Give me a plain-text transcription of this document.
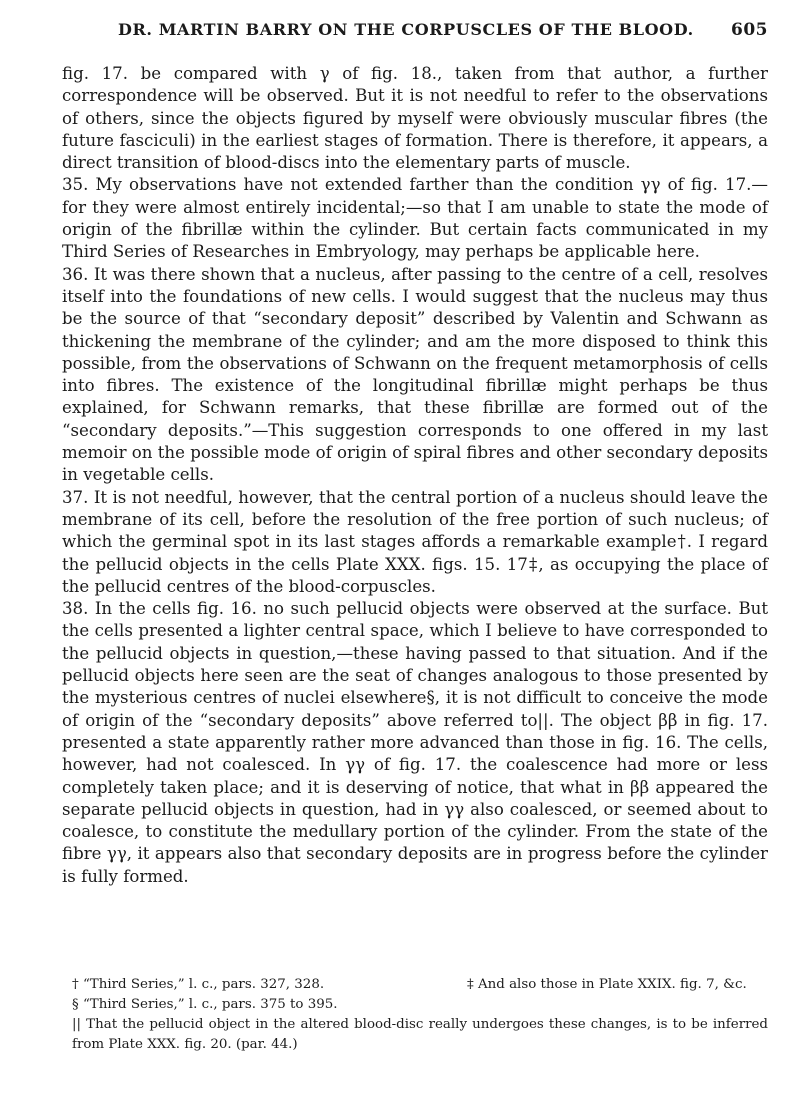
DR. MARTIN BARRY ON THE CORPUSCLES OF THE BLOOD. 605

fig. 17. be compared with γ of fig. 18., taken from that author, a further correspondence will be observed. But it is not needful to refer to the observations of others, since the objects figured by myself were obviously muscular fibres (the future fasciculi) in the earliest stages of formation. There is therefore, it appears, a direct transition of blood-discs into the elementary parts of muscle.

35. My observations have not extended farther than the condition γγ of fig. 17.— for they were almost entirely incidental;—so that I am unable to state the mode of origin of the fibrillæ within the cylinder. But certain facts communicated in my Third Series of Researches in Embryology, may perhaps be applicable here.

36. It was there shown that a nucleus, after passing to the centre of a cell, resolves itself into the foundations of new cells. I would suggest that the nucleus may thus be the source of that “secondary deposit” described by Valentin and Schwann as thickening the membrane of the cylinder; and am the more disposed to think this possible, from the observations of Schwann on the frequent metamorphosis of cells into fibres. The existence of the longitudinal fibrillæ might perhaps be thus explained, for Schwann remarks, that these fibrillæ are formed out of the “secondary deposits.”—This suggestion corresponds to one offered in my last memoir on the possible mode of origin of spiral fibres and other secondary deposits in vegetable cells.

37. It is not needful, however, that the central portion of a nucleus should leave the membrane of its cell, before the resolution of the free portion of such nucleus; of which the germinal spot in its last stages affords a remarkable example†. I regard the pellucid objects in the cells Plate XXX. figs. 15. 17‡, as occupying the place of the pellucid centres of the blood-corpuscles.

38. In the cells fig. 16. no such pellucid objects were observed at the surface. But the cells presented a lighter central space, which I believe to have corresponded to the pellucid objects in question,—these having passed to that situation. And if the pellucid objects here seen are the seat of changes analogous to those presented by the mysterious centres of nuclei elsewhere§, it is not difficult to conceive the mode of origin of the “secondary deposits” above referred to||. The object ββ in fig. 17. presented a state apparently rather more advanced than those in fig. 16. The cells, however, had not coalesced. In γγ of fig. 17. the coalescence had more or less completely taken place; and it is deserving of notice, that what in ββ appeared the separate pellucid objects in question, had in γγ also coalesced, or seemed about to coalesce, to constitute the medullary portion of the cylinder. From the state of the fibre γγ, it appears also that secondary deposits are in progress before the cylinder is fully formed.

† “Third Series,” l. c., pars. 327, 328.	‡ And also those in Plate XXIX. fig. 7, &c.
§ “Third Series,” l. c., pars. 375 to 395.
|| That the pellucid object in the altered blood-disc really undergoes these changes, is to be inferred from Plate XXX. fig. 20. (par. 44.)
